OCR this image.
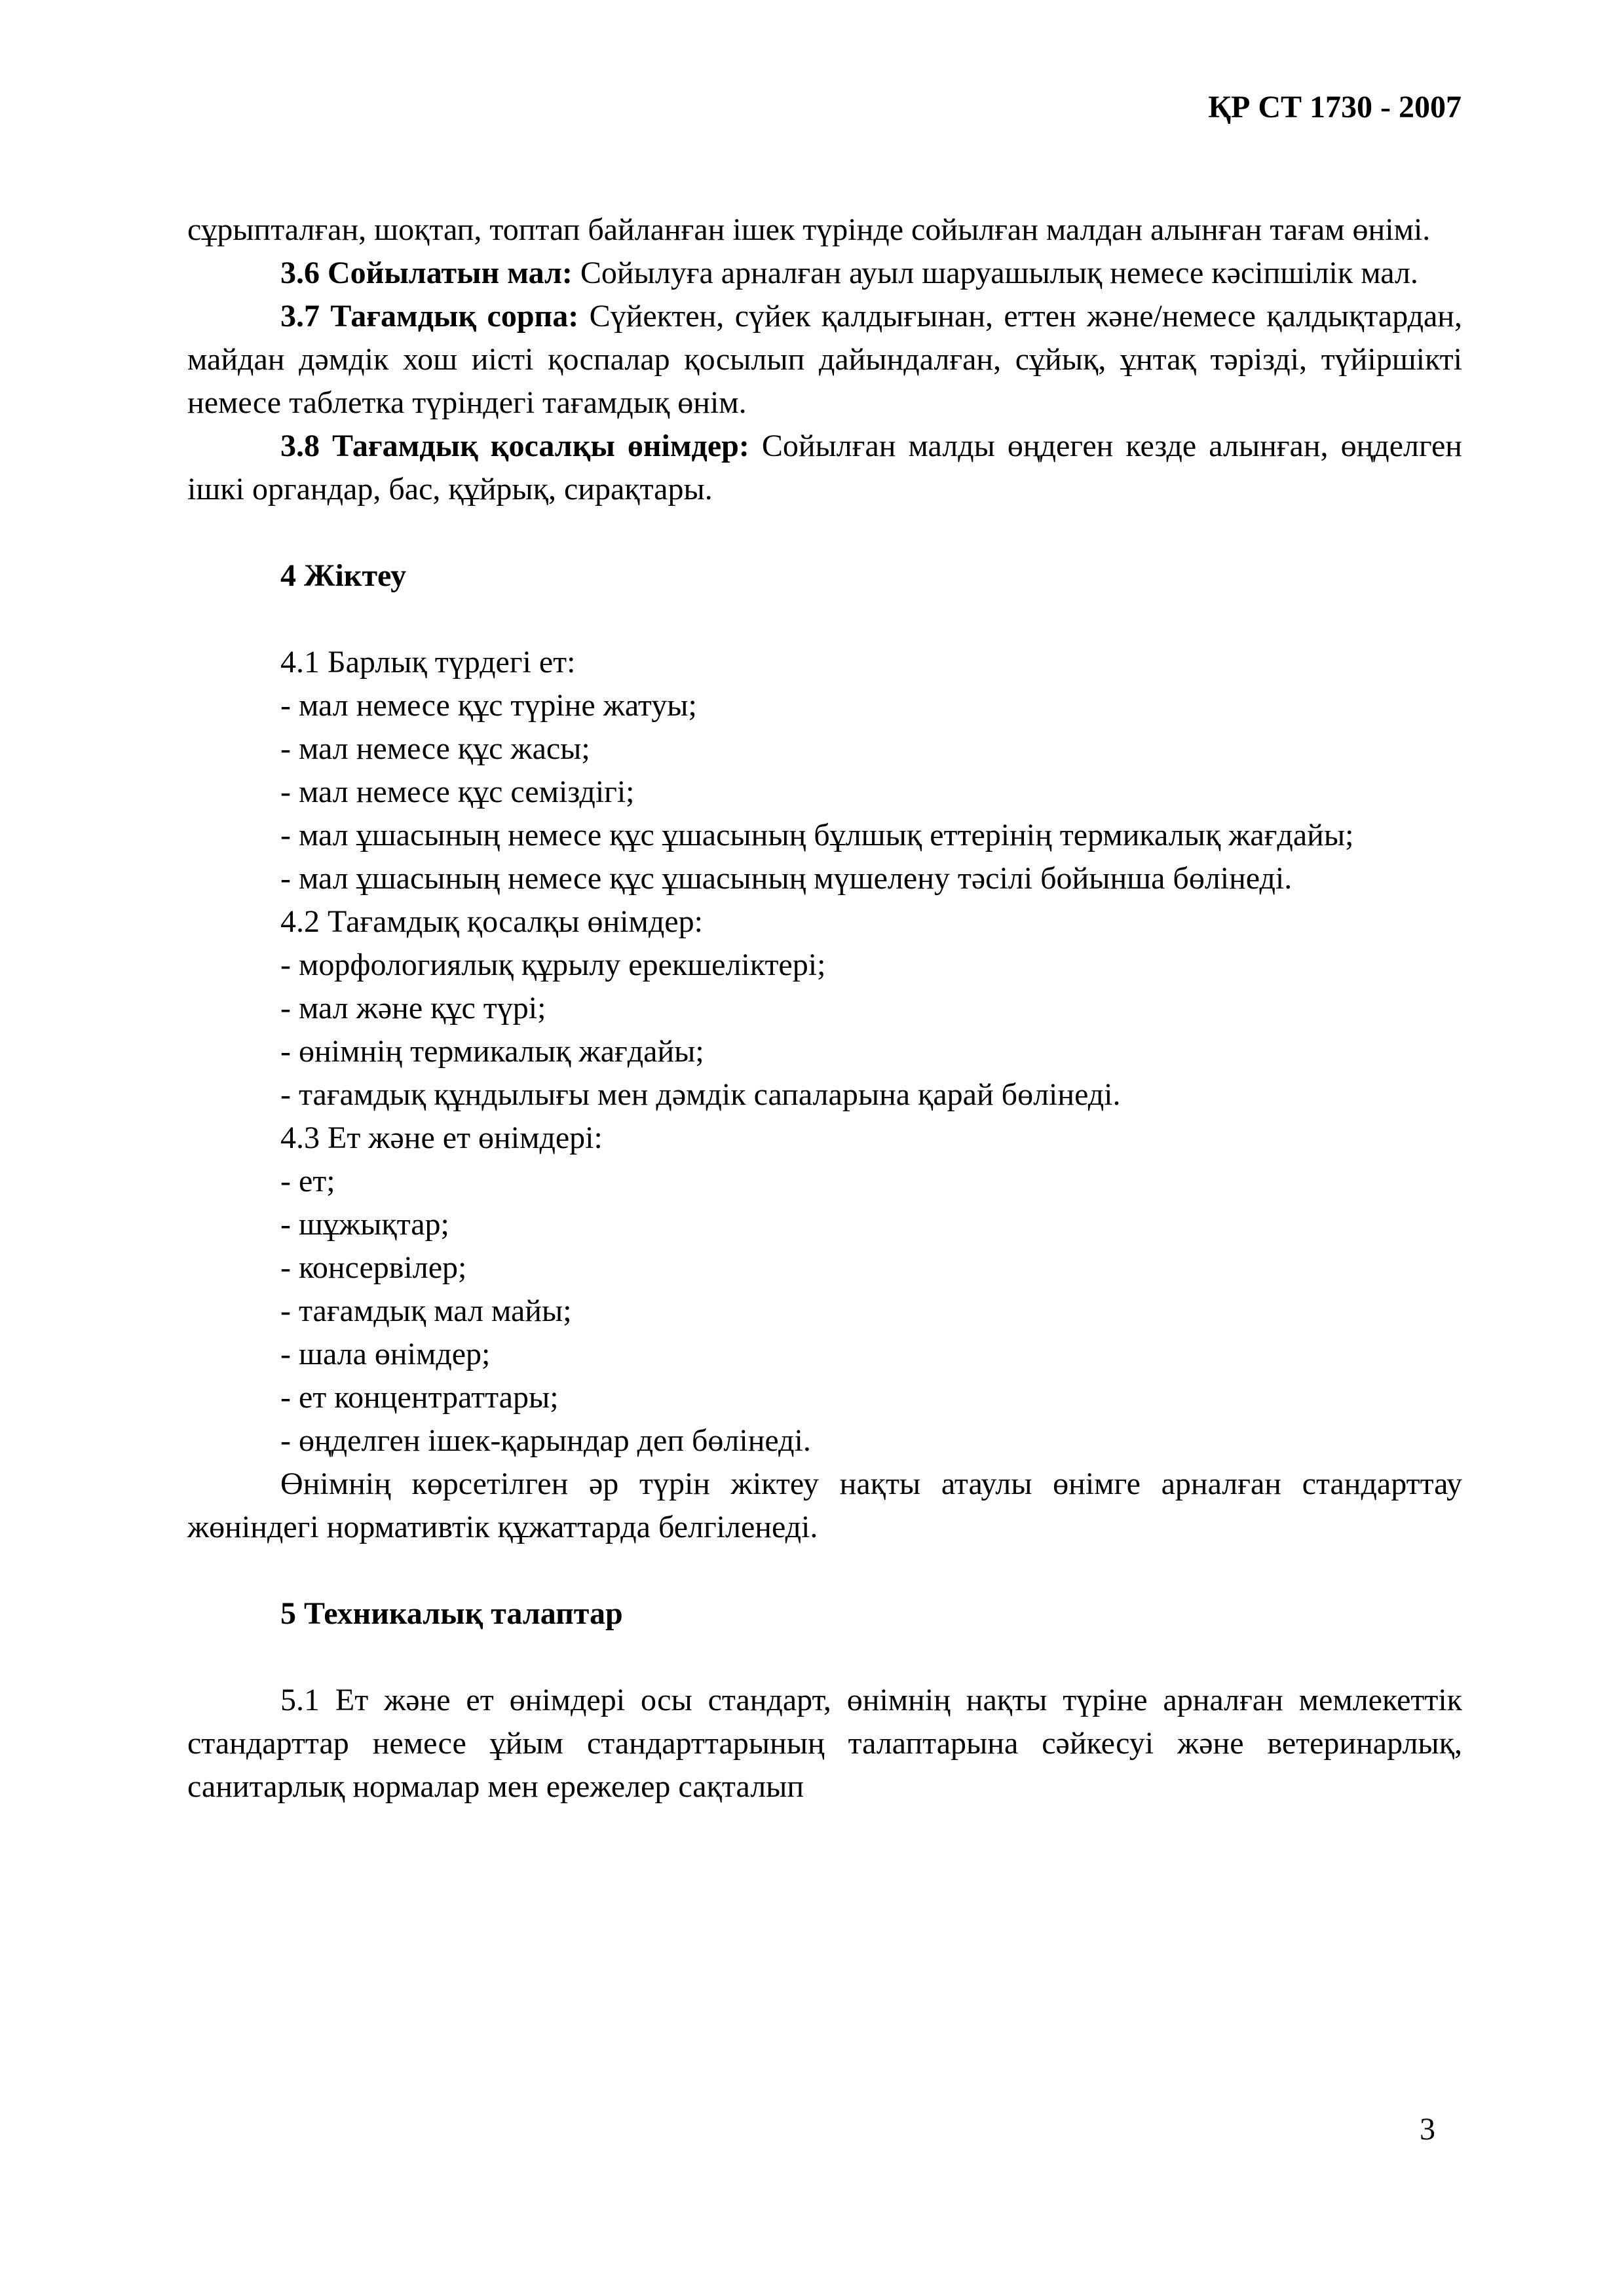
ҚР СТ 1730 - 2007

сұрыпталған, шоқтап, топтап байланған ішек түрінде сойылған малдан алынған тағам өнімі.

3.6 Сойылатын мал: Сойылуға арналған ауыл шаруашылық немесе кәсіпшілік мал.

3.7 Тағамдық сорпа: Сүйектен, сүйек қалдығынан, еттен және/немесе қалдықтардан, майдан дәмдік хош иісті қоспалар қосылып дайындалған, сұйық, ұнтақ тәрізді, түйіршікті немесе таблетка түріндегі тағамдық өнім.

3.8 Тағамдық қосалқы өнімдер: Сойылған малды өңдеген кезде алынған, өңделген ішкі органдар, бас, құйрық, сирақтары.

4 Жіктеу

4.1 Барлық түрдегі ет:

- мал немесе құс түріне жатуы;

- мал немесе құс жасы;

- мал немесе құс семіздігі;

- мал ұшасының немесе құс ұшасының бұлшық еттерінің термикалық жағдайы;

- мал ұшасының немесе құс ұшасының мүшелену тәсілі бойынша бөлінеді.

4.2 Тағамдық қосалқы өнімдер:

- морфологиялық құрылу ерекшеліктері;

- мал және құс түрі;

- өнімнің термикалық жағдайы;

- тағамдық құндылығы мен дәмдік сапаларына қарай бөлінеді.

4.3 Ет және ет өнімдері:

- ет;

- шұжықтар;

- консервілер;

- тағамдық мал майы;

- шала өнімдер;

- ет концентраттары;

- өңделген ішек-қарындар деп бөлінеді.

Өнімнің көрсетілген әр түрін жіктеу нақты атаулы өнімге арналған стандарттау жөніндегі нормативтік құжаттарда белгіленеді.

5 Техникалық талаптар

5.1 Ет және ет өнімдері осы стандарт, өнімнің нақты түріне арналған мемлекеттік стандарттар немесе ұйым стандарттарының талаптарына сәйкесуі және ветеринарлық, санитарлық нормалар мен ережелер сақталып

3
